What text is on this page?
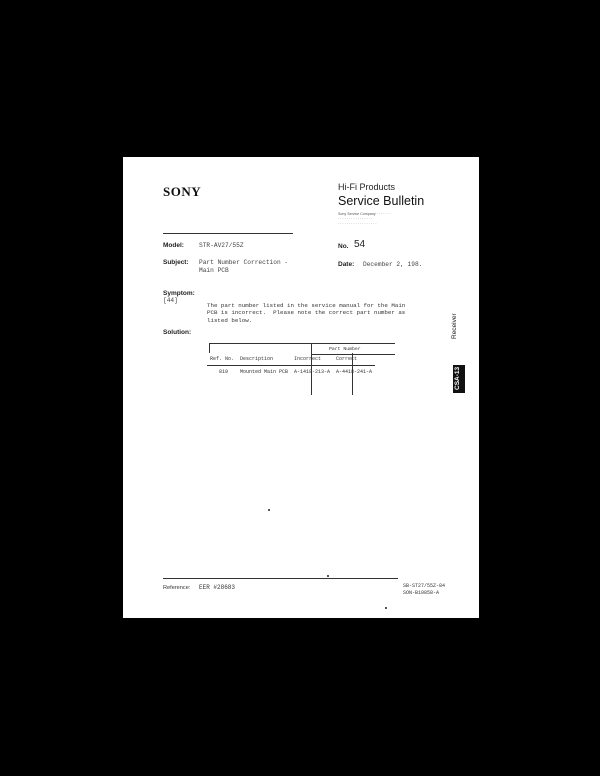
SONY	Hi-Fi Products
Service Bulletin
Sony Service Company · · · · · · ·
· · · · · · · · · · · · · · · ·
· · · · · · · · · · · · · · · · · ·
Model: STR-AV27/55Z	No. 54
Subject: Part Number Correction -
Main PCB
Date: December 2, 198.
Symptom:
[44]
The part number listed in the service manual for the Main
PCB is incorrect.  Please note the correct part number as
listed below.
Solution:
Part Number
Ref. No.	Description	Incorrect	Correct
819	Mounted Main PCB	A-1418-213-A	A-4418-241-A
Reference: EER #28683	SB-ST27/55Z-84
SON-B10858-A
Receiver
CSA-13
